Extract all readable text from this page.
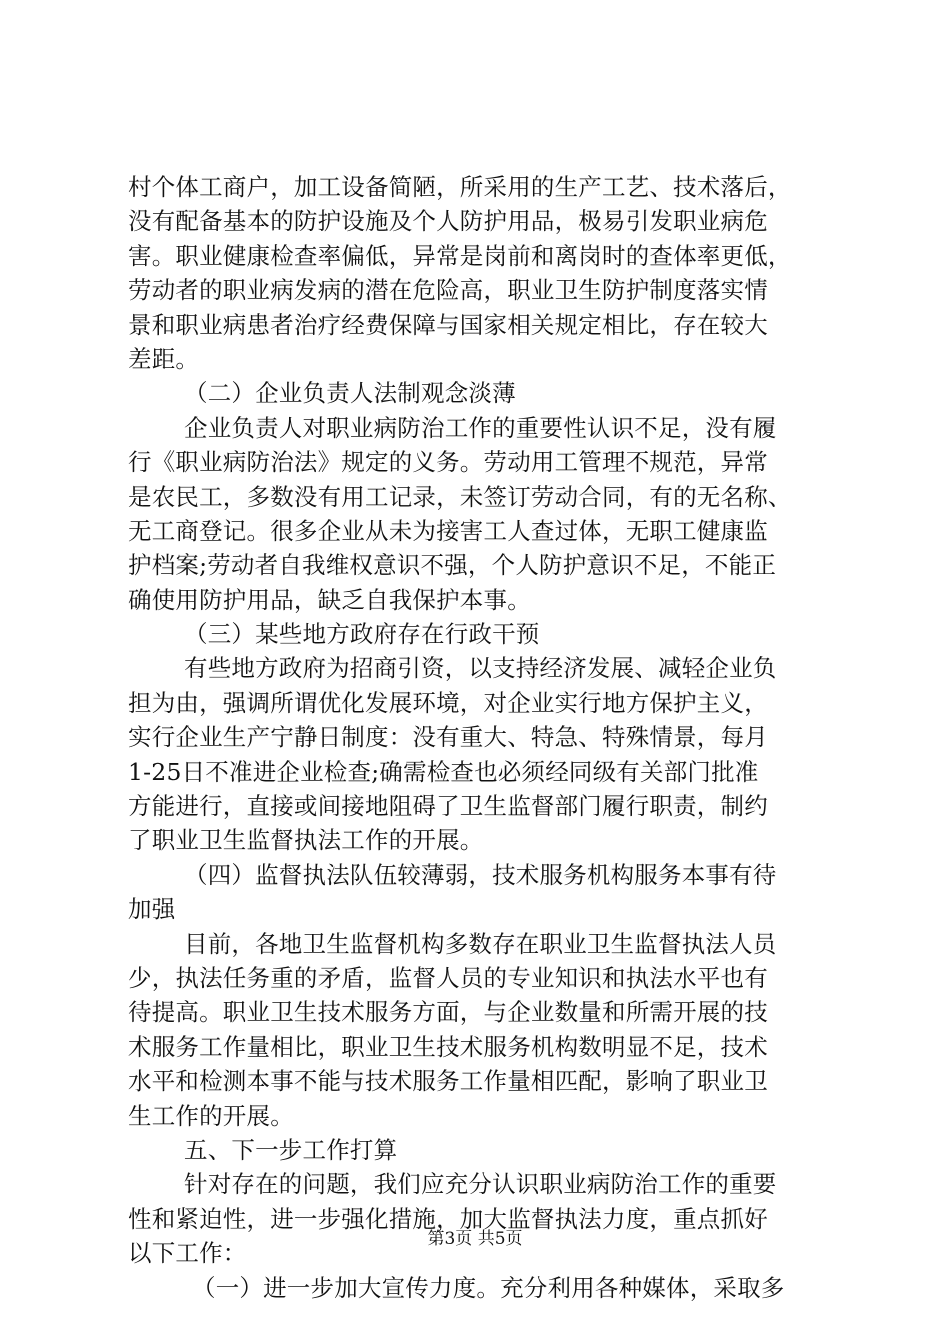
村个体工商户，加工设备简陋，所采用的生产工艺、技术落后，
没有配备基本的防护设施及个人防护用品，极易引发职业病危
害。职业健康检查率偏低，异常是岗前和离岗时的查体率更低，
劳动者的职业病发病的潜在危险高，职业卫生防护制度落实情
景和职业病患者治疗经费保障与国家相关规定相比，存在较大
差距。
（二）企业负责人法制观念淡薄
企业负责人对职业病防治工作的重要性认识不足，没有履
行《职业病防治法》规定的义务。劳动用工管理不规范，异常
是农民工，多数没有用工记录，未签订劳动合同，有的无名称、
无工商登记。很多企业从未为接害工人查过体，无职工健康监
护档案;劳动者自我维权意识不强，个人防护意识不足，不能正
确使用防护用品，缺乏自我保护本事。
（三）某些地方政府存在行政干预
有些地方政府为招商引资，以支持经济发展、减轻企业负
担为由，强调所谓优化发展环境，对企业实行地方保护主义，
实行企业生产宁静日制度：没有重大、特急、特殊情景，每月
1-25日不准进企业检查;确需检查也必须经同级有关部门批准
方能进行，直接或间接地阻碍了卫生监督部门履行职责，制约
了职业卫生监督执法工作的开展。
（四）监督执法队伍较薄弱，技术服务机构服务本事有待
加强
目前，各地卫生监督机构多数存在职业卫生监督执法人员
少，执法任务重的矛盾，监督人员的专业知识和执法水平也有
待提高。职业卫生技术服务方面，与企业数量和所需开展的技
术服务工作量相比，职业卫生技术服务机构数明显不足，技术
水平和检测本事不能与技术服务工作量相匹配，影响了职业卫
生工作的开展。
五、下一步工作打算
针对存在的问题，我们应充分认识职业病防治工作的重要
性和紧迫性，进一步强化措施，加大监督执法力度，重点抓好
以下工作：
（一）进一步加大宣传力度。充分利用各种媒体，采取多
第3页 共5页
